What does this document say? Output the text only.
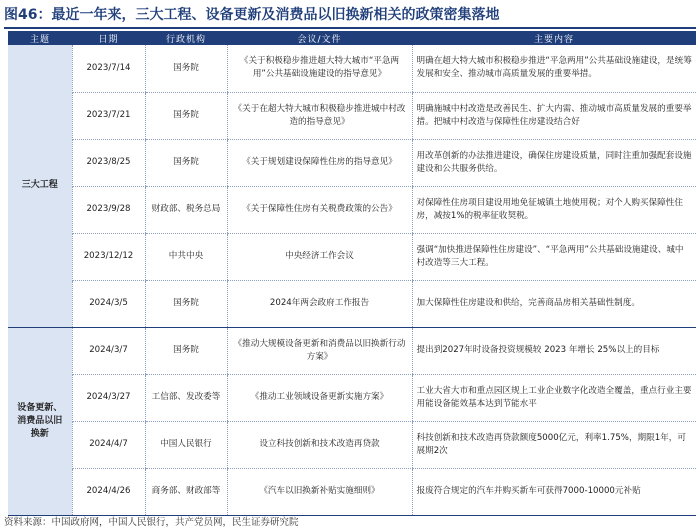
图46：最近一年来，三大工程、设备更新及消费品以旧换新相关的政策密集落地
主题	日期	行政机构	会议/文件	主要内容
三大工程	2023/7/14	国务院	《关于积极稳步推进超大特大城市“平急两用”公共基础设施建设的指导意见》	明确在超大特大城市积极稳步推进“平急两用”公共基础设施建设，是统筹发展和安全、推动城市高质量发展的重要举措。
	2023/7/21	国务院	《关于在超大特大城市积极稳步推进城中村改造的指导意见》	明确施城中村改造是改善民生、扩大内需、推动城市高质量发展的重要举措。把城中村改造与保障性住房建设结合好
	2023/8/25	国务院	《关于规划建设保障性住房的指导意见》	用改革创新的办法推进建设，确保住房建设质量，同时注重加强配套设施建设和公共服务供给。
	2023/9/28	财政部、税务总局	《关于保障性住房有关税费政策的公告》	对保障性住房项目建设用地免征城镇土地使用税；对个人购买保障性住房，减按1%的税率征收契税。
	2023/12/12	中共中央	中央经济工作会议	强调“加快推进保障性住房建设”、“平急两用”公共基础设施建设、城中村改造等三大工程。
	2024/3/5	国务院	2024年两会政府工作报告	加大保障性住房建设和供给，完善商品房相关基础性制度。
设备更新、消费品以旧换新	2024/3/7	国务院	《推动大规模设备更新和消费品以旧换新行动方案》	提出到2027年时设备投资规模较 2023 年增长 25%以上的目标
	2024/3/27	工信部、发改委等	《推动工业领域设备更新实施方案》	工业大省大市和重点园区规上工业企业数字化改造全覆盖，重点行业主要用能设备能效基本达到节能水平
	2024/4/7	中国人民银行	设立科技创新和技术改造再贷款	科技创新和技术改造再贷款额度5000亿元，利率1.75%，期限1年，可展期2次
	2024/4/26	商务部、财政部等	《汽车以旧换新补贴实施细则》	报废符合规定的汽车并购买新车可获得7000-10000元补贴
资料来源：中国政府网，中国人民银行，共产党员网，民生证券研究院
